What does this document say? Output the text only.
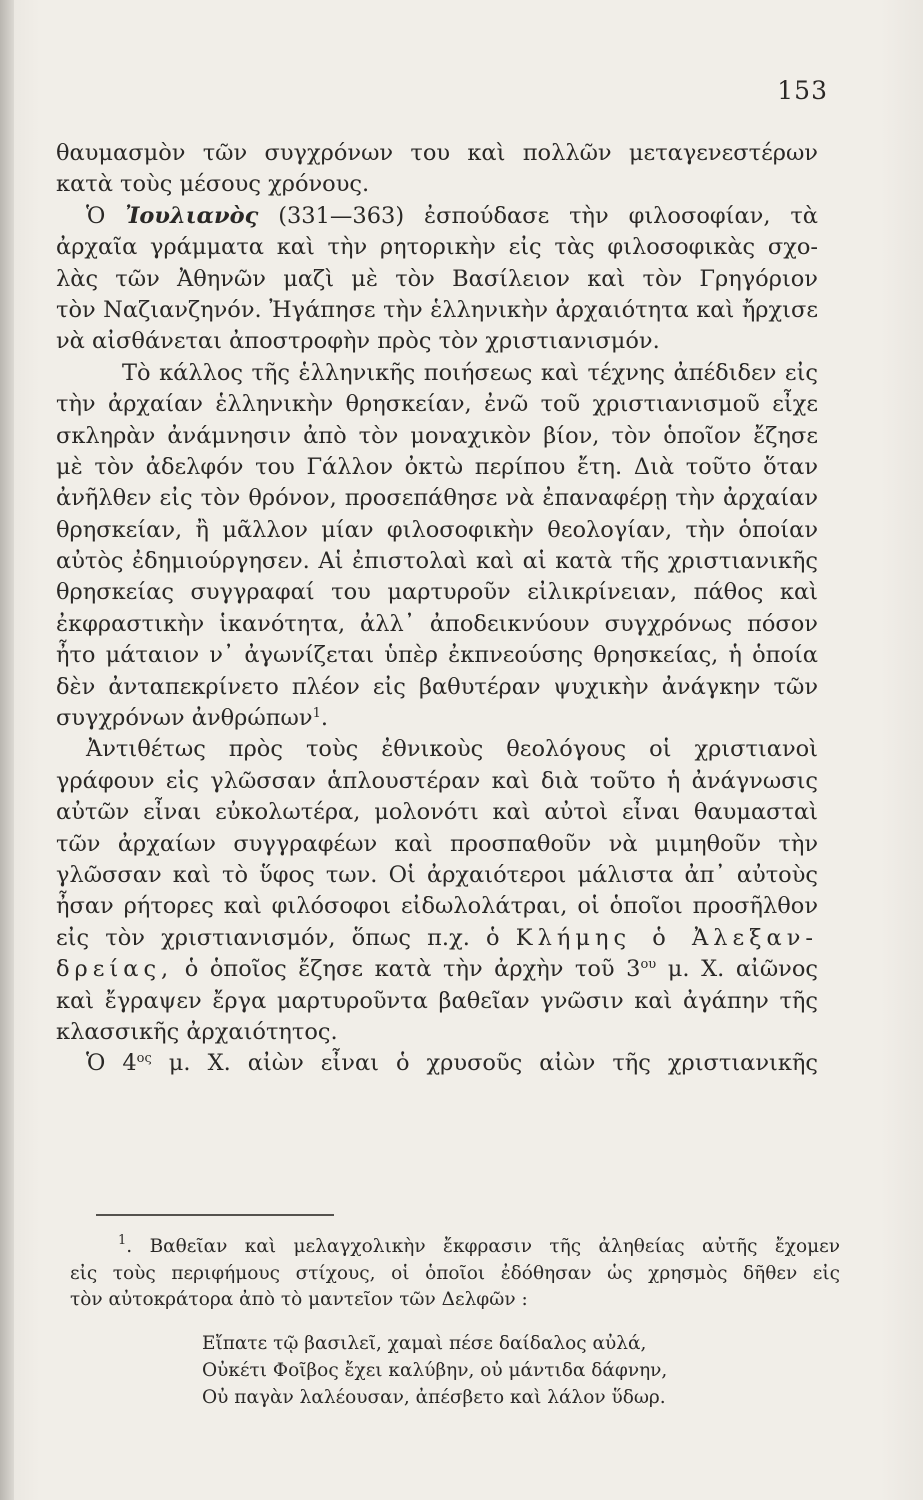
153
θαυμασμὸν τῶν συγχρόνων του καὶ πολλῶν μεταγενεστέρων
κατὰ τοὺς μέσους χρόνους.
Ὁ Ἰουλιανὸς (331—363) ἐσπούδασε τὴν φιλοσοφίαν, τὰ
ἀρχαῖα γράμματα καὶ τὴν ρητορικὴν εἰς τὰς φιλοσοφικὰς σχο-
λὰς τῶν Ἀθηνῶν μαζὶ μὲ τὸν Βασίλειον καὶ τὸν Γρηγόριον
τὸν Ναζιανζηνόν. Ἠγάπησε τὴν ἑλληνικὴν ἀρχαιότητα καὶ ἤρχισε
νὰ αἰσθάνεται ἀποστροφὴν πρὸς τὸν χριστιανισμόν.
Τὸ κάλλος τῆς ἑλληνικῆς ποιήσεως καὶ τέχνης ἀπέδιδεν εἰς
τὴν ἀρχαίαν ἑλληνικὴν θρησκείαν, ἐνῶ τοῦ χριστιανισμοῦ εἶχε
σκληρὰν ἀνάμνησιν ἀπὸ τὸν μοναχικὸν βίον, τὸν ὁποῖον ἔζησε
μὲ τὸν ἀδελφόν του Γάλλον ὀκτὼ περίπου ἔτη. Διὰ τοῦτο ὅταν
ἀνῆλθεν εἰς τὸν θρόνον, προσεπάθησε νὰ ἐπαναφέρῃ τὴν ἀρχαίαν
θρησκείαν, ἢ μᾶλλον μίαν φιλοσοφικὴν θεολογίαν, τὴν ὁποίαν
αὐτὸς ἐδημιούργησεν. Αἱ ἐπιστολαὶ καὶ αἱ κατὰ τῆς χριστιανικῆς
θρησκείας συγγραφαί του μαρτυροῦν εἰλικρίνειαν, πάθος καὶ
ἐκφραστικὴν ἱκανότητα, ἀλλ᾿ ἀποδεικνύουν συγχρόνως πόσον
ἦτο μάταιον ν᾿ ἀγωνίζεται ὑπὲρ ἐκπνεούσης θρησκείας, ἡ ὁποία
δὲν ἀνταπεκρίνετο πλέον εἰς βαθυτέραν ψυχικὴν ἀνάγκην τῶν
συγχρόνων ἀνθρώπων$^1$.
Ἀντιθέτως πρὸς τοὺς ἐθνικοὺς θεολόγους οἱ χριστιανοὶ
γράφουν εἰς γλῶσσαν ἁπλουστέραν καὶ διὰ τοῦτο ἡ ἀνάγνωσις
αὐτῶν εἶναι εὐκολωτέρα, μολονότι καὶ αὐτοὶ εἶναι θαυμασταὶ
τῶν ἀρχαίων συγγραφέων καὶ προσπαθοῦν νὰ μιμηθοῦν τὴν
γλῶσσαν καὶ τὸ ὕφος των. Οἱ ἀρχαιότεροι μάλιστα ἀπ᾿ αὐτοὺς
ἦσαν ρήτορες καὶ φιλόσοφοι εἰδωλολάτραι, οἱ ὁποῖοι προσῆλθον
εἰς τὸν χριστιανισμόν, ὅπως π.χ. ὁ Κλήμης ὁ Ἀλεξαν-
δρείας, ὁ ὁποῖος ἔζησε κατὰ τὴν ἀρχὴν τοῦ $3^{o\upsilon}$ μ. Χ. αἰῶνος
καὶ ἔγραψεν ἔργα μαρτυροῦντα βαθεῖαν γνῶσιν καὶ ἀγάπην τῆς
κλασσικῆς ἀρχαιότητος.
Ὁ $4^{o\varsigma}$ μ. Χ. αἰὼν εἶναι ὁ χρυσοῦς αἰὼν τῆς χριστιανικῆς
$^1$. Βαθεῖαν καὶ μελαγχολικὴν ἔκφρασιν τῆς ἀληθείας αὐτῆς ἔχομεν
εἰς τοὺς περιφήμους στίχους, οἱ ὁποῖοι ἐδόθησαν ὡς χρησμὸς δῆθεν εἰς
τὸν αὐτοκράτορα ἀπὸ τὸ μαντεῖον τῶν Δελφῶν :
Εἴπατε τῷ βασιλεῖ, χαμαὶ πέσε δαίδαλος αὐλά,
Οὐκέτι Φοῖβος ἔχει καλύβην, οὐ μάντιδα δάφνην,
Οὐ παγὰν λαλέουσαν, ἀπέσβετο καὶ λάλον ὕδωρ.
